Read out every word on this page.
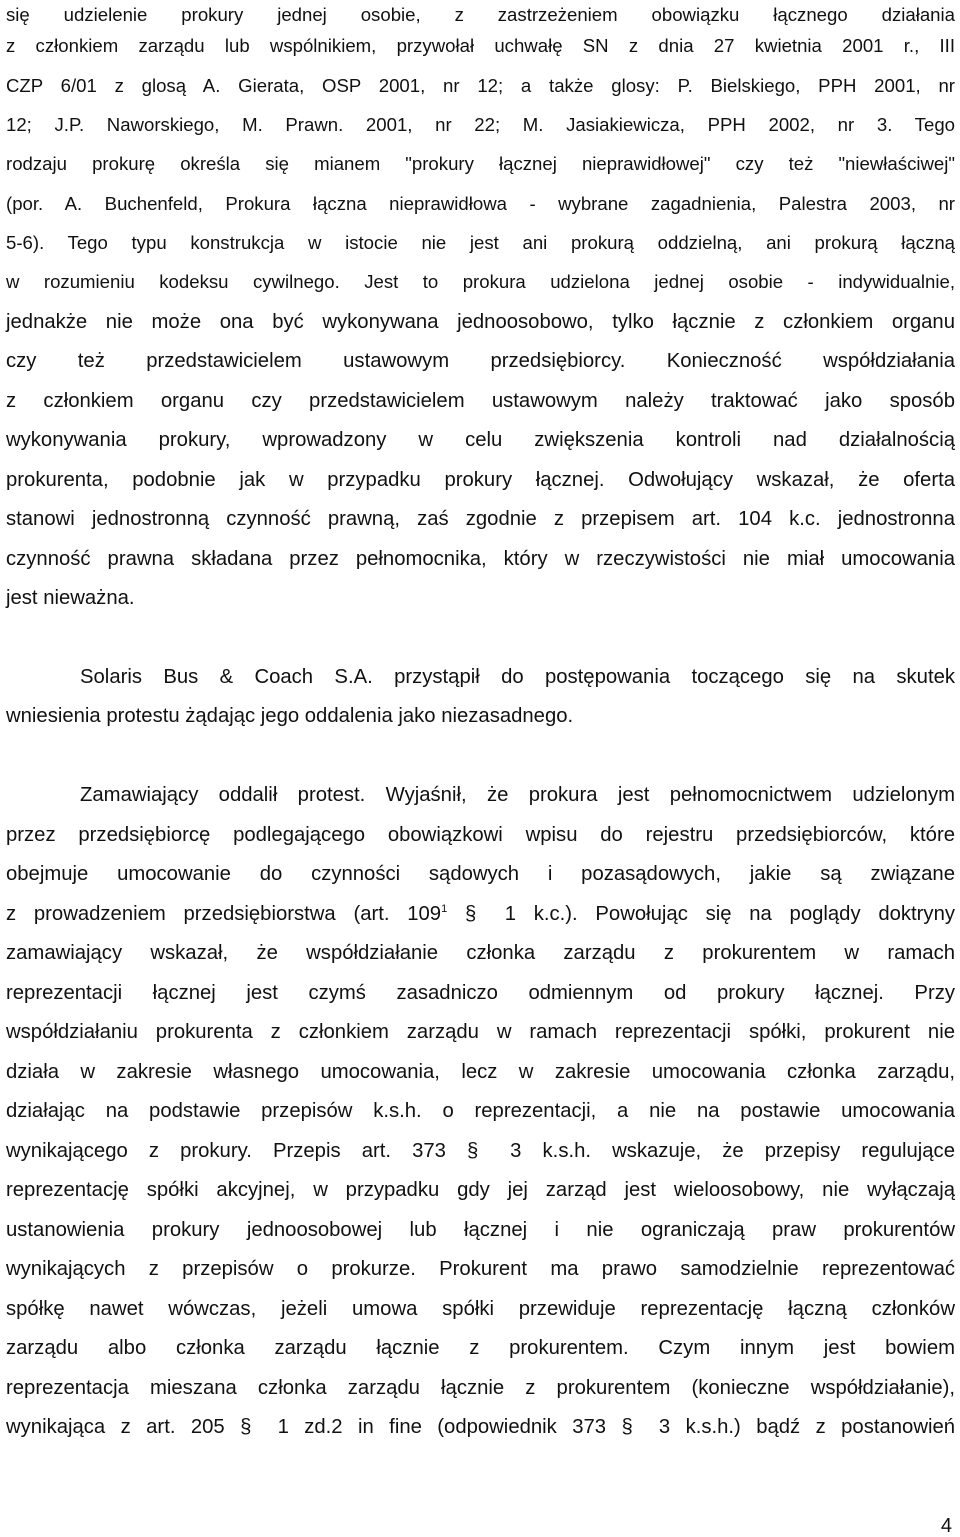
się udzielenie prokury jednej osobie, z zastrzeżeniem obowiązku łącznego działania
z członkiem zarządu lub wspólnikiem, przywołał uchwałę SN z dnia 27 kwietnia 2001 r., III
CZP 6/01 z glosą A. Gierata, OSP 2001, nr 12; a także glosy: P. Bielskiego, PPH 2001, nr
12; J.P. Naworskiego, M. Prawn. 2001, nr 22; M. Jasiakiewicza, PPH 2002, nr 3. Tego
rodzaju prokurę określa się mianem "prokury łącznej nieprawidłowej" czy też "niewłaściwej"
(por. A. Buchenfeld, Prokura łączna nieprawidłowa - wybrane zagadnienia, Palestra 2003, nr
5-6). Tego typu konstrukcja w istocie nie jest ani prokurą oddzielną, ani prokurą łączną
w rozumieniu kodeksu cywilnego. Jest to prokura udzielona jednej osobie - indywidualnie,
jednakże nie może ona być wykonywana jednoosobowo, tylko łącznie z członkiem organu
czy też przedstawicielem ustawowym przedsiębiorcy. Konieczność współdziałania
z członkiem organu czy przedstawicielem ustawowym należy traktować jako sposób
wykonywania prokury, wprowadzony w celu zwiększenia kontroli nad działalnością
prokurenta, podobnie jak w przypadku prokury łącznej. Odwołujący wskazał, że oferta
stanowi jednostronną czynność prawną, zaś zgodnie z przepisem art. 104 k.c. jednostronna
czynność prawna składana przez pełnomocnika, który w rzeczywistości nie miał umocowania
jest nieważna.
Solaris Bus & Coach S.A. przystąpił do postępowania toczącego się na skutek
wniesienia protestu żądając jego oddalenia jako niezasadnego.
Zamawiający oddalił protest. Wyjaśnił, że prokura jest pełnomocnictwem udzielonym
przez przedsiębiorcę podlegającego obowiązkowi wpisu do rejestru przedsiębiorców, które
obejmuje umocowanie do czynności sądowych i pozasądowych, jakie są związane
z prowadzeniem przedsiębiorstwa (art. $109^1$ § 1 k.c.). Powołując się na poglądy doktryny
zamawiający wskazał, że współdziałanie członka zarządu z prokurentem w ramach
reprezentacji łącznej jest czymś zasadniczo odmiennym od prokury łącznej. Przy
współdziałaniu prokurenta z członkiem zarządu w ramach reprezentacji spółki, prokurent nie
działa w zakresie własnego umocowania, lecz w zakresie umocowania członka zarządu,
działając na podstawie przepisów k.s.h. o reprezentacji, a nie na postawie umocowania
wynikającego z prokury. Przepis art. 373 § 3 k.s.h. wskazuje, że przepisy regulujące
reprezentację spółki akcyjnej, w przypadku gdy jej zarząd jest wieloosobowy, nie wyłączają
ustanowienia prokury jednoosobowej lub łącznej i nie ograniczają praw prokurentów
wynikających z przepisów o prokurze. Prokurent ma prawo samodzielnie reprezentować
spółkę nawet wówczas, jeżeli umowa spółki przewiduje reprezentację łączną członków
zarządu albo członka zarządu łącznie z prokurentem. Czym innym jest bowiem
reprezentacja mieszana członka zarządu łącznie z prokurentem (konieczne współdziałanie),
wynikająca z art. 205 § 1 zd.2 in fine (odpowiednik 373 § 3 k.s.h.) bądź z postanowień
4
